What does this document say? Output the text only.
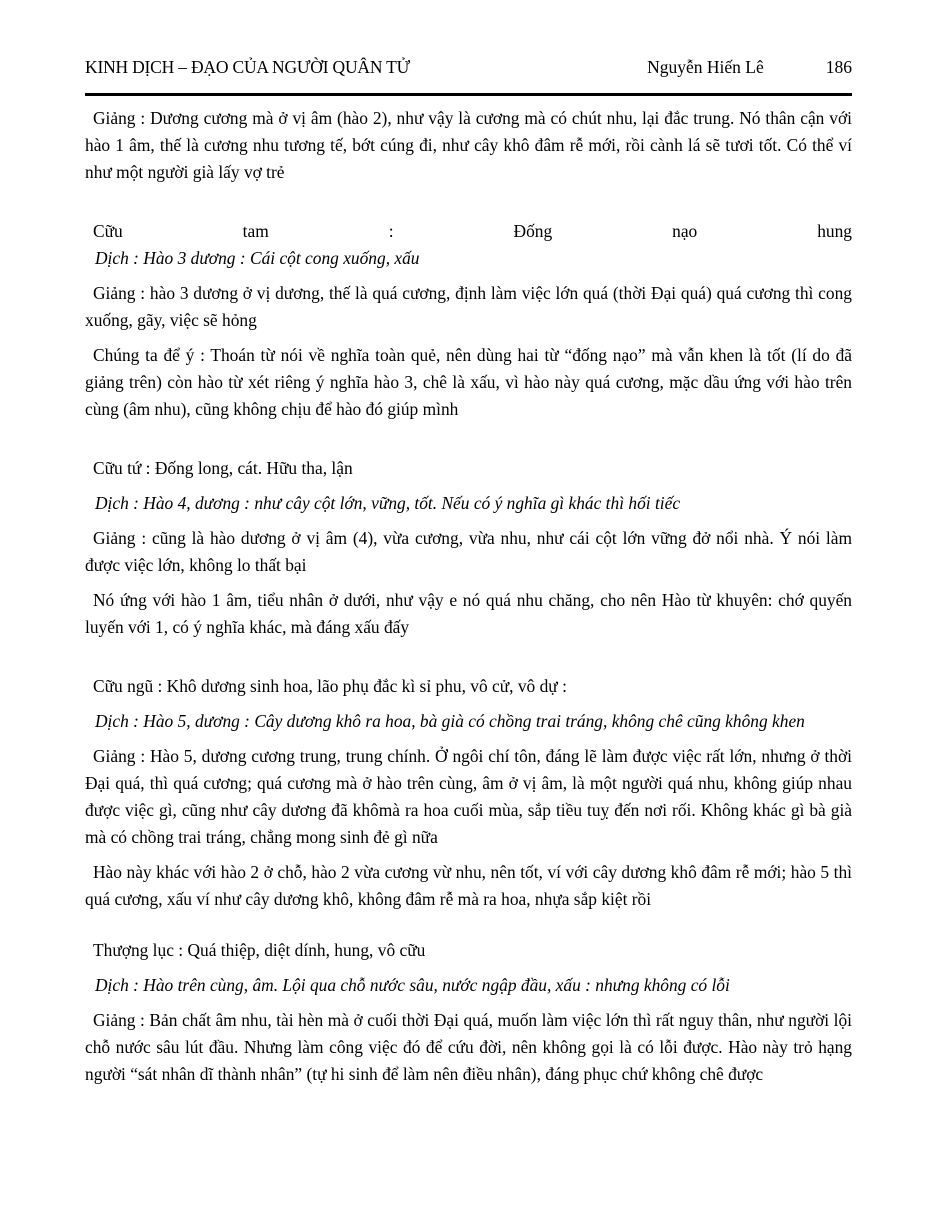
KINH DỊCH – ĐẠO CỦA NGƯỜI QUÂN TỬ	Nguyễn Hiến Lê	186

Giảng : Dương cương mà ở vị âm (hào 2), như vậy là cương mà có chút nhu, lại đắc trung. Nó thân cận với hào 1 âm, thế là cương nhu tương tế, bớt cúng đi, như cây khô đâm rễ mới, rồi cành lá sẽ tươi tốt. Có thể ví như một người già lấy vợ trẻ

Cữu tam : Đống nạo hung

Dịch : Hào 3 dương : Cái cột cong xuống, xấu

Giảng : hào 3 dương ở vị dương, thế là quá cương, định làm việc lớn quá (thời Đại quá) quá cương thì cong xuống, gãy, việc sẽ hỏng

Chúng ta để ý : Thoán từ nói về nghĩa toàn quẻ, nên dùng hai từ “đống nạo” mà vẫn khen là tốt (lí do đã giảng trên) còn hào từ xét riêng ý nghĩa hào 3, chê là xấu, vì hào này quá cương, mặc dầu ứng với hào trên cùng (âm nhu), cũng không chịu để hào đó giúp mình

Cữu tứ : Đống long, cát. Hữu tha, lận

Dịch : Hào 4, dương : như cây cột lớn, vững, tốt. Nếu có ý nghĩa gì khác thì hối tiếc

Giảng : cũng là hào dương ở vị âm (4), vừa cương, vừa nhu, như cái cột lớn vững đở nổi nhà. Ý nói làm được việc lớn, không lo thất bại

Nó ứng với hào 1 âm, tiểu nhân ở dưới, như vậy e nó quá nhu chăng, cho nên Hào từ khuyên: chớ quyến luyến với 1, có ý nghĩa khác, mà đáng xấu đấy

Cữu ngũ : Khô dương sinh hoa, lão phụ đắc kì sỉ phu, vô cử, vô dự :

Dịch : Hào 5, dương : Cây dương khô ra hoa, bà già có chồng trai tráng, không chê cũng không khen

Giảng : Hào 5, dương cương trung, trung chính. Ở ngôi chí tôn, đáng lẽ làm được việc rất lớn, nhưng ở thời Đại quá, thì quá cương; quá cương mà ở hào trên cùng, âm ở vị âm, là một người quá nhu, không giúp nhau được việc gì, cũng như cây dương đã khômà ra hoa cuối mùa, sắp tiều tuỵ đến nơi rối. Không khác gì bà già mà có chồng trai tráng, chẳng mong sinh đẻ gì nữa

Hào này khác với hào 2 ở chỗ, hào 2 vừa cương vừ nhu, nên tốt, ví với cây dương khô đâm rễ mới; hào 5 thì quá cương, xấu ví như cây dương khô, không đâm rễ mà ra hoa, nhựa sắp kiệt rồi

Thượng lục : Quá thiệp, diệt dính, hung, vô cữu

Dịch : Hào trên cùng, âm. Lội qua chỗ nước sâu, nước ngập đầu, xấu : nhưng không có lỗi

Giảng : Bản chất âm nhu, tài hèn mà ở cuối thời Đại quá, muốn làm việc lớn thì rất nguy thân, như người lội chỗ nước sâu lút đầu. Nhưng làm công việc đó để cứu đời, nên không gọi là có lỗi được. Hào này trỏ hạng người “sát nhân dĩ thành nhân” (tự hi sinh để làm nên điều nhân), đáng phục chứ không chê được
